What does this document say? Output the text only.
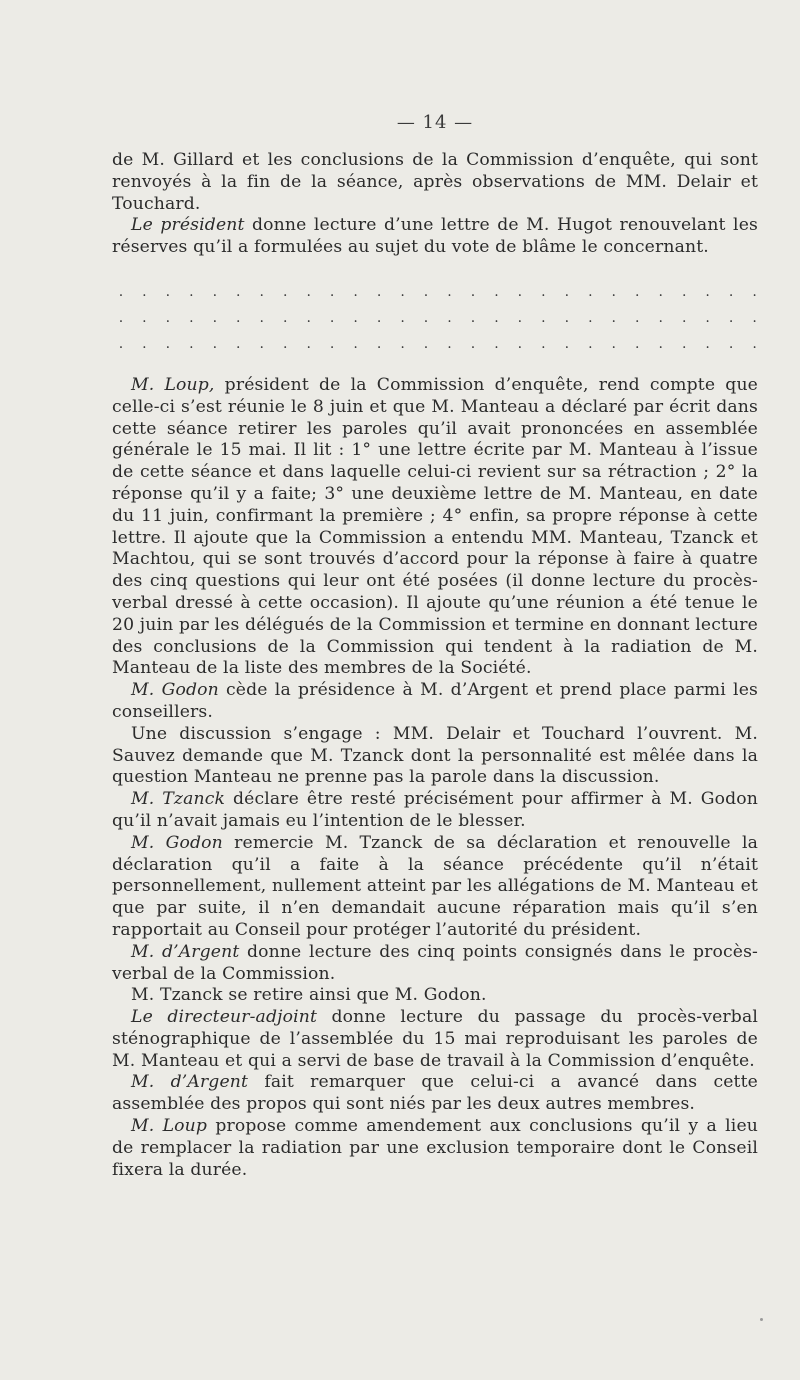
— 14 —

de M. Gillard et les conclusions de la Commission d’enquête, qui sont renvoyés à la fin de la séance, après observations de MM. Delair et Touchard.

Le président donne lecture d’une lettre de M. Hugot renouvelant les réserves qu’il a formulées au sujet du vote de blâme le concernant.

. . . . . . . . . . . . . . . . . . . . . . . . . . . .
. . . . . . . . . . . . . . . . . . . . . . . . . . . .
. . . . . . . . . . . . . . . . . . . . . . . . . . . .

M. Loup, président de la Commission d’enquête, rend compte que celle-ci s’est réunie le 8 juin et que M. Manteau a déclaré par écrit dans cette séance retirer les paroles qu’il avait prononcées en assemblée générale le 15 mai. Il lit : 1° une lettre écrite par M. Manteau à l’issue de cette séance et dans laquelle celui-ci revient sur sa rétraction ; 2° la réponse qu’il y a faite; 3° une deuxième lettre de M. Manteau, en date du 11 juin, confirmant la première ; 4° enfin, sa propre réponse à cette lettre. Il ajoute que la Commission a entendu MM. Manteau, Tzanck et Machtou, qui se sont trouvés d’accord pour la réponse à faire à quatre des cinq questions qui leur ont été posées (il donne lecture du procès-verbal dressé à cette occasion). Il ajoute qu’une réunion a été tenue le 20 juin par les délégués de la Commission et termine en donnant lecture des conclusions de la Commission qui tendent à la radiation de M. Manteau de la liste des membres de la Société.

M. Godon cède la présidence à M. d’Argent et prend place parmi les conseillers.

Une discussion s’engage : MM. Delair et Touchard l’ouvrent. M. Sauvez demande que M. Tzanck dont la personnalité est mêlée dans la question Manteau ne prenne pas la parole dans la discussion.

M. Tzanck déclare être resté précisément pour affirmer à M. Godon qu’il n’avait jamais eu l’intention de le blesser.

M. Godon remercie M. Tzanck de sa déclaration et renouvelle la déclaration qu’il a faite à la séance précédente qu’il n’était personnellement, nullement atteint par les allégations de M. Manteau et que par suite, il n’en demandait aucune réparation mais qu’il s’en rapportait au Conseil pour protéger l’autorité du président.

M. d’Argent donne lecture des cinq points consignés dans le procès-verbal de la Commission.

M. Tzanck se retire ainsi que M. Godon.

Le directeur-adjoint donne lecture du passage du procès-verbal sténographique de l’assemblée du 15 mai reproduisant les paroles de M. Manteau et qui a servi de base de travail à la Commission d’enquête.

M. d’Argent fait remarquer que celui-ci a avancé dans cette assemblée des propos qui sont niés par les deux autres membres.

M. Loup propose comme amendement aux conclusions qu’il y a lieu de remplacer la radiation par une exclusion temporaire dont le Conseil fixera la durée.
